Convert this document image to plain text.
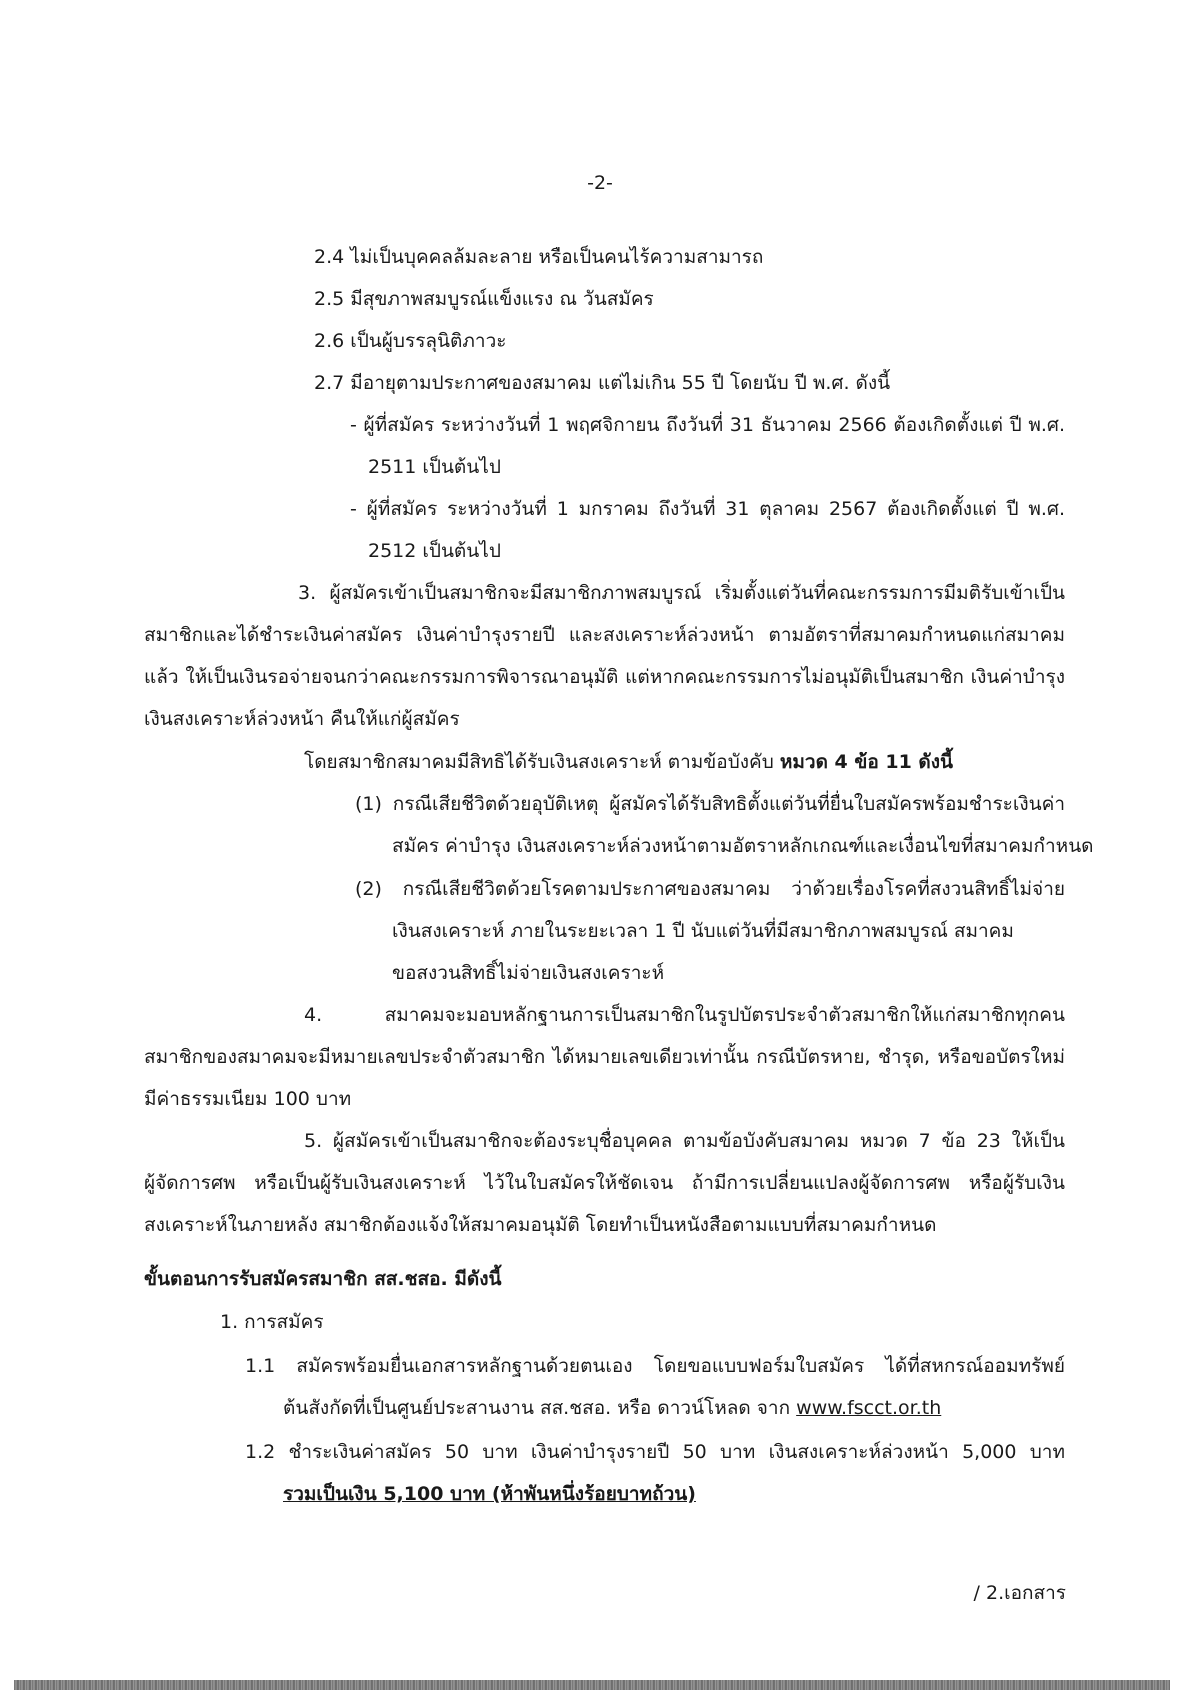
-2-
2.4 ไม่เป็นบุคคลล้มละลาย หรือเป็นคนไร้ความสามารถ
2.5 มีสุขภาพสมบูรณ์แข็งแรง ณ วันสมัคร
2.6 เป็นผู้บรรลุนิติภาวะ
2.7 มีอายุตามประกาศของสมาคม แต่ไม่เกิน 55 ปี โดยนับ ปี พ.ศ. ดังนี้
- ผู้ที่สมัคร ระหว่างวันที่ 1 พฤศจิกายน ถึงวันที่ 31 ธันวาคม 2566 ต้องเกิดตั้งแต่ ปี พ.ศ.
2511 เป็นต้นไป
- ผู้ที่สมัคร ระหว่างวันที่ 1 มกราคม ถึงวันที่ 31 ตุลาคม 2567 ต้องเกิดตั้งแต่ ปี พ.ศ.
2512 เป็นต้นไป
3. ผู้สมัครเข้าเป็นสมาชิกจะมีสมาชิกภาพสมบูรณ์ เริ่มตั้งแต่วันที่คณะกรรมการมีมติรับเข้าเป็น
สมาชิกและได้ชำระเงินค่าสมัคร เงินค่าบำรุงรายปี และสงเคราะห์ล่วงหน้า ตามอัตราที่สมาคมกำหนดแก่สมาคม
แล้ว ให้เป็นเงินรอจ่ายจนกว่าคณะกรรมการพิจารณาอนุมัติ แต่หากคณะกรรมการไม่อนุมัติเป็นสมาชิก เงินค่าบำรุง
เงินสงเคราะห์ล่วงหน้า คืนให้แก่ผู้สมัคร
โดยสมาชิกสมาคมมีสิทธิได้รับเงินสงเคราะห์ ตามข้อบังคับ หมวด 4 ข้อ 11 ดังนี้
(1) กรณีเสียชีวิตด้วยอุบัติเหตุ ผู้สมัครได้รับสิทธิตั้งแต่วันที่ยื่นใบสมัครพร้อมชำระเงินค่า
สมัคร ค่าบำรุง เงินสงเคราะห์ล่วงหน้าตามอัตราหลักเกณฑ์และเงื่อนไขที่สมาคมกำหนด
(2) กรณีเสียชีวิตด้วยโรคตามประกาศของสมาคม ว่าด้วยเรื่องโรคที่สงวนสิทธิ์ไม่จ่าย
เงินสงเคราะห์ ภายในระยะเวลา 1 ปี นับแต่วันที่มีสมาชิกภาพสมบูรณ์ สมาคม
ขอสงวนสิทธิ์ไม่จ่ายเงินสงเคราะห์
4. สมาคมจะมอบหลักฐานการเป็นสมาชิกในรูปบัตรประจำตัวสมาชิกให้แก่สมาชิกทุกคน
สมาชิกของสมาคมจะมีหมายเลขประจำตัวสมาชิก ได้หมายเลขเดียวเท่านั้น กรณีบัตรหาย, ชำรุด, หรือขอบัตรใหม่
มีค่าธรรมเนียม 100 บาท
5. ผู้สมัครเข้าเป็นสมาชิกจะต้องระบุชื่อบุคคล ตามข้อบังคับสมาคม หมวด 7 ข้อ 23 ให้เป็น
ผู้จัดการศพ หรือเป็นผู้รับเงินสงเคราะห์ ไว้ในใบสมัครให้ชัดเจน ถ้ามีการเปลี่ยนแปลงผู้จัดการศพ หรือผู้รับเงิน
สงเคราะห์ในภายหลัง สมาชิกต้องแจ้งให้สมาคมอนุมัติ โดยทำเป็นหนังสือตามแบบที่สมาคมกำหนด
ขั้นตอนการรับสมัครสมาชิก สส.ชสอ. มีดังนี้
1. การสมัคร
1.1 สมัครพร้อมยื่นเอกสารหลักฐานด้วยตนเอง โดยขอแบบฟอร์มใบสมัคร ได้ที่สหกรณ์ออมทรัพย์
ต้นสังกัดที่เป็นศูนย์ประสานงาน สส.ชสอ. หรือ ดาวน์โหลด จาก www.fscct.or.th
1.2 ชำระเงินค่าสมัคร 50 บาท เงินค่าบำรุงรายปี 50 บาท เงินสงเคราะห์ล่วงหน้า 5,000 บาท
รวมเป็นเงิน 5,100 บาท (ห้าพันหนึ่งร้อยบาทถ้วน)
/ 2.เอกสาร
